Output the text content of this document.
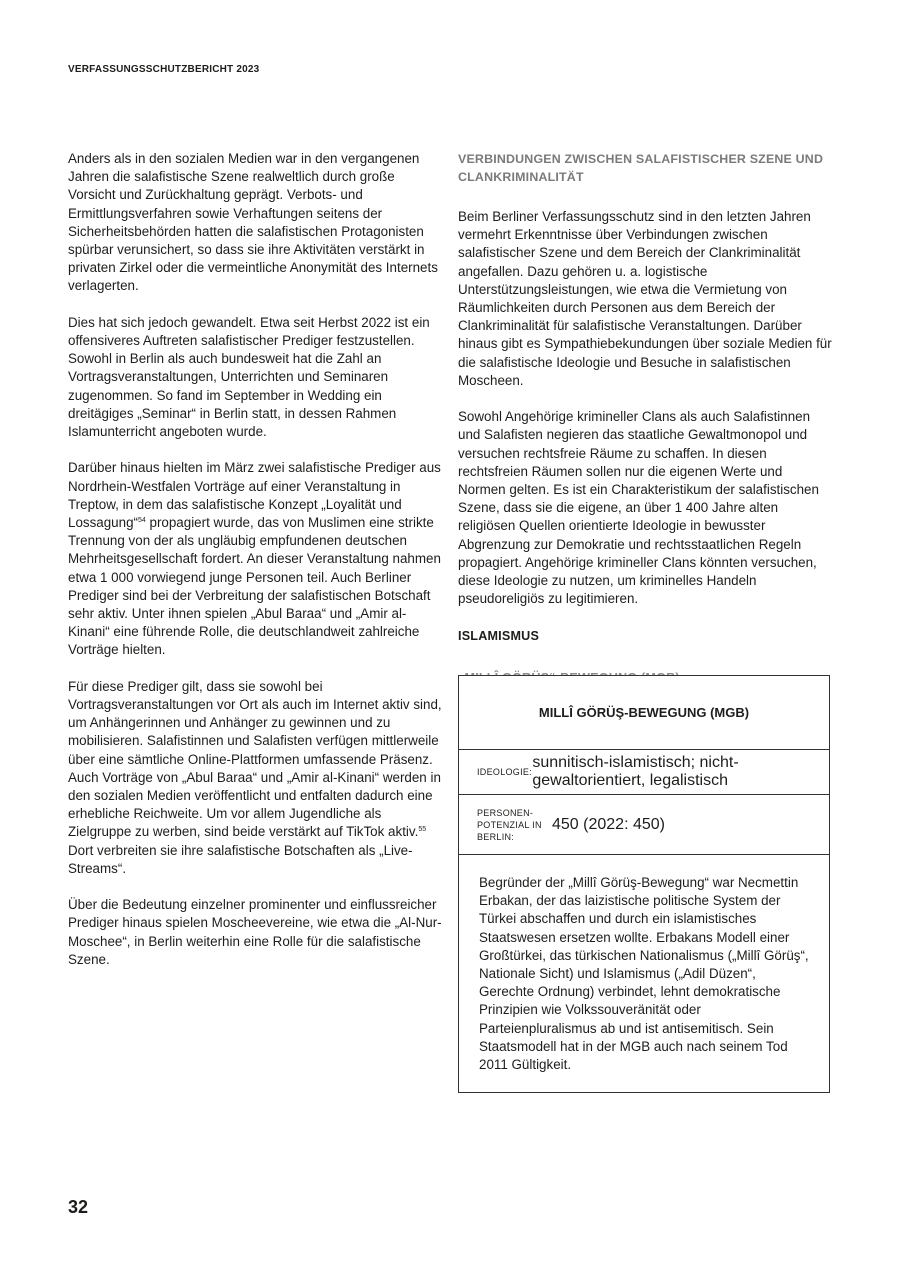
VERFASSUNGSSCHUTZBERICHT 2023

Anders als in den sozialen Medien war in den vergangenen Jahren die salafistische Szene realweltlich durch große Vorsicht und Zurückhaltung geprägt. Verbots- und Ermittlungsverfahren sowie Verhaftungen seitens der Sicherheitsbehörden hatten die salafistischen Protagonisten spürbar verunsichert, so dass sie ihre Aktivitäten verstärkt in privaten Zirkel oder die vermeintliche Anonymität des Internets verlagerten.

Dies hat sich jedoch gewandelt. Etwa seit Herbst 2022 ist ein offensiveres Auftreten salafistischer Prediger festzustellen. Sowohl in Berlin als auch bundesweit hat die Zahl an Vortragsveranstaltungen, Unterrichten und Seminaren zugenommen. So fand im September in Wedding ein dreitägiges „Seminar“ in Berlin statt, in dessen Rahmen Islamunterricht angeboten wurde.

Darüber hinaus hielten im März zwei salafistische Prediger aus Nordrhein-Westfalen Vorträge auf einer Veranstaltung in Treptow, in dem das salafistische Konzept „Loyalität und Lossagung“$^{54}$ propagiert wurde, das von Muslimen eine strikte Trennung von der als ungläubig empfundenen deutschen Mehrheitsgesellschaft fordert. An dieser Veranstaltung nahmen etwa 1 000 vorwiegend junge Personen teil. Auch Berliner Prediger sind bei der Verbreitung der salafistischen Botschaft sehr aktiv. Unter ihnen spielen „Abul Baraa“ und „Amir al-Kinani“ eine führende Rolle, die deutschlandweit zahlreiche Vorträge hielten.

Für diese Prediger gilt, dass sie sowohl bei Vortragsveranstaltungen vor Ort als auch im Internet aktiv sind, um Anhängerinnen und Anhänger zu gewinnen und zu mobilisieren. Salafistinnen und Salafisten verfügen mittlerweile über eine sämtliche Online-Plattformen umfassende Präsenz. Auch Vorträge von „Abul Baraa“ und „Amir al-Kinani“ werden in den sozialen Medien veröffentlicht und entfalten dadurch eine erhebliche Reichweite. Um vor allem Jugendliche als Zielgruppe zu werben, sind beide verstärkt auf TikTok aktiv.$^{55}$ Dort verbreiten sie ihre salafistische Botschaften als „Live-Streams“.

Über die Bedeutung einzelner prominenter und einflussreicher Prediger hinaus spielen Moscheevereine, wie etwa die „Al-Nur-Moschee“, in Berlin weiterhin eine Rolle für die salafistische Szene.

VERBINDUNGEN ZWISCHEN SALAFISTISCHER SZENE UND CLANKRIMINALITÄT

Beim Berliner Verfassungsschutz sind in den letzten Jahren vermehrt Erkenntnisse über Verbindungen zwischen salafistischer Szene und dem Bereich der Clankriminalität angefallen. Dazu gehören u. a. logistische Unterstützungsleistungen, wie etwa die Vermietung von Räumlichkeiten durch Personen aus dem Bereich der Clankriminalität für salafistische Veranstaltungen. Darüber hinaus gibt es Sympathiebekundungen über soziale Medien für die salafistische Ideologie und Besuche in salafistischen Moscheen.

Sowohl Angehörige krimineller Clans als auch Salafistinnen und Salafisten negieren das staatliche Gewaltmonopol und versuchen rechtsfreie Räume zu schaffen. In diesen rechtsfreien Räumen sollen nur die eigenen Werte und Normen gelten. Es ist ein Charakteristikum der salafistischen Szene, dass sie die eigene, an über 1 400 Jahre alten religiösen Quellen orientierte Ideologie in bewusster Abgrenzung zur Demokratie und rechtsstaatlichen Regeln propagiert. Angehörige krimineller Clans könnten versuchen, diese Ideologie zu nutzen, um kriminelles Handeln pseudoreligiös zu legitimieren.

ISLAMISMUS
MILLÎ GÖRÜŞ-BEWEGUNG (MGB)
IDEOLOGIE:
sunnitisch-islamistisch; nicht-gewaltorientiert, legalistisch
PERSONEN-POTENZIAL IN BERLIN:
450 (2022: 450)
Begründer der „Millî Görüş-Bewegung“ war Necmettin Erbakan, der das laizistische politische System der Türkei abschaffen und durch ein islamistisches Staatswesen ersetzen wollte. Erbakans Modell einer Großtürkei, das türkischen Nationalismus („Millî Görüş“, Nationale Sicht) und Islamismus („Adil Düzen“, Gerechte Ordnung) verbindet, lehnt demokratische Prinzipien wie Volkssouveränität oder Parteienpluralismus ab und ist antisemitisch. Sein Staatsmodell hat in der MGB auch nach seinem Tod 2011 Gültigkeit.
32
